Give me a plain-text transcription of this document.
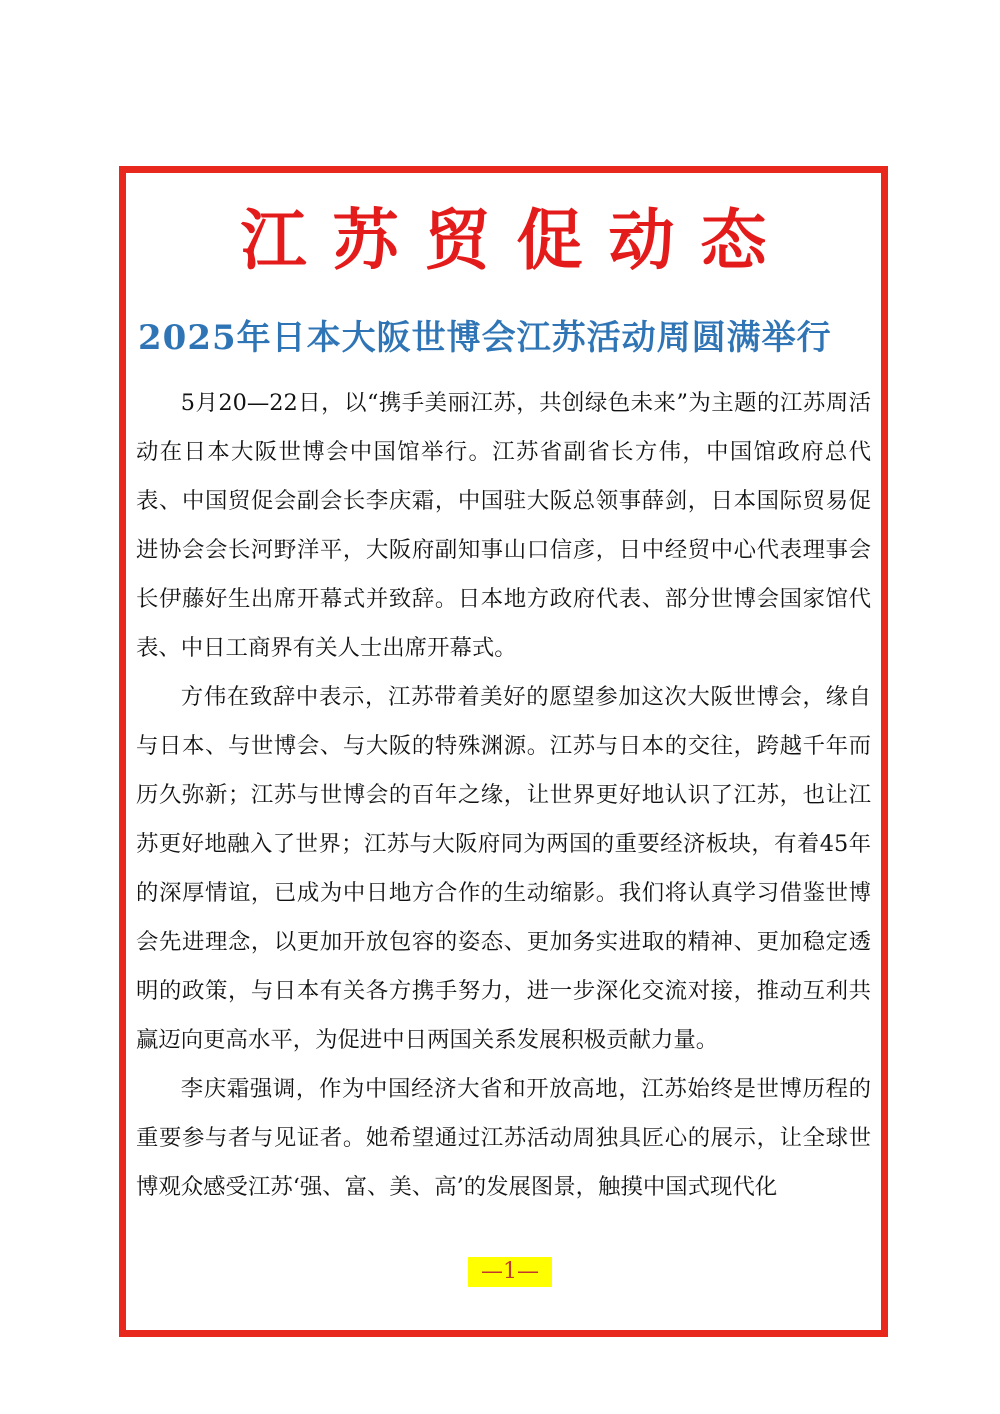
江苏贸促动态
2025年日本大阪世博会江苏活动周圆满举行

5月20—22日，以“携手美丽江苏，共创绿色未来”为主题的江苏周活动在日本大阪世博会中国馆举行。江苏省副省长方伟，中国馆政府总代表、中国贸促会副会长李庆霜，中国驻大阪总领事薛剑，日本国际贸易促进协会会长河野洋平，大阪府副知事山口信彦，日中经贸中心代表理事会长伊藤好生出席开幕式并致辞。日本地方政府代表、部分世博会国家馆代表、中日工商界有关人士出席开幕式。

方伟在致辞中表示，江苏带着美好的愿望参加这次大阪世博会，缘自与日本、与世博会、与大阪的特殊渊源。江苏与日本的交往，跨越千年而历久弥新；江苏与世博会的百年之缘，让世界更好地认识了江苏，也让江苏更好地融入了世界；江苏与大阪府同为两国的重要经济板块，有着45年的深厚情谊，已成为中日地方合作的生动缩影。我们将认真学习借鉴世博会先进理念，以更加开放包容的姿态、更加务实进取的精神、更加稳定透明的政策，与日本有关各方携手努力，进一步深化交流对接，推动互利共赢迈向更高水平，为促进中日两国关系发展积极贡献力量。

李庆霜强调，作为中国经济大省和开放高地，江苏始终是世博历程的重要参与者与见证者。她希望通过江苏活动周独具匠心的展示，让全球世博观众感受江苏‘强、富、美、高’的发展图景，触摸中国式现代化

—1—
